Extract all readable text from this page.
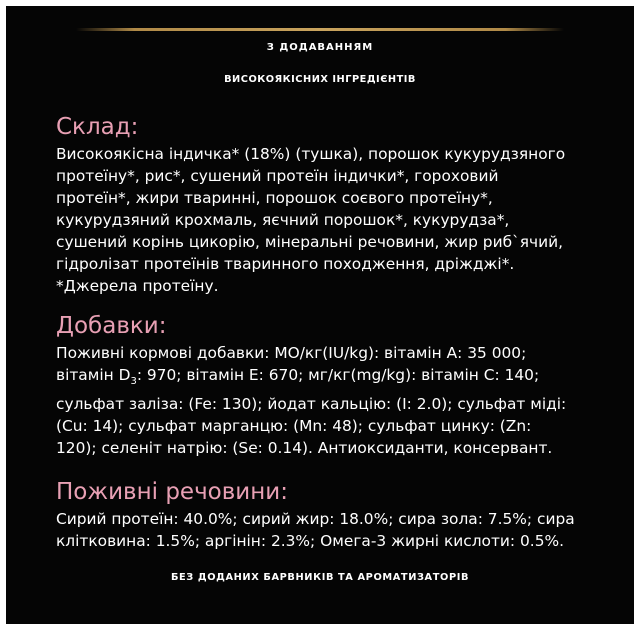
З ДОДАВАННЯМ
ВИСОКОЯКІСНИХ ІНГРЕДІЄНТІВ
Склад:
Високоякісна індичка* (18%) (тушка), порошок кукурудзяного
протеїну*, рис*, сушений протеїн індички*, гороховий
протеїн*, жири тваринні, порошок соєвого протеїну*,
кукурудзяний крохмаль, яєчний порошок*, кукурудза*,
сушений корінь цикорію, мінеральні речовини, жир риб`ячий,
гідролізат протеїнів тваринного походження, дріжджі*.
*Джерела протеїну.
Добавки:
Поживні кормові добавки: МО/кг(IU/kg): вітамін А: 35 000;
вітамін $D_3$: 970; вітамін Е: 670; мг/кг(mg/kg): вітамін С: 140;
сульфат заліза: (Fe: 130); йодат кальцію: (I: 2.0); сульфат міді:
(Cu: 14); сульфат марганцю: (Mn: 48); сульфат цинку: (Zn:
120); селеніт натрію: (Se: 0.14). Антиоксиданти, консервант.
Поживні речовини:
Сирий протеїн: 40.0%; сирий жир: 18.0%; сира зола: 7.5%; сира
клітковина: 1.5%; аргінін: 2.3%; Омега-3 жирні кислоти: 0.5%.
БЕЗ ДОДАНИХ БАРВНИКІВ ТА АРОМАТИЗАТОРІВ
